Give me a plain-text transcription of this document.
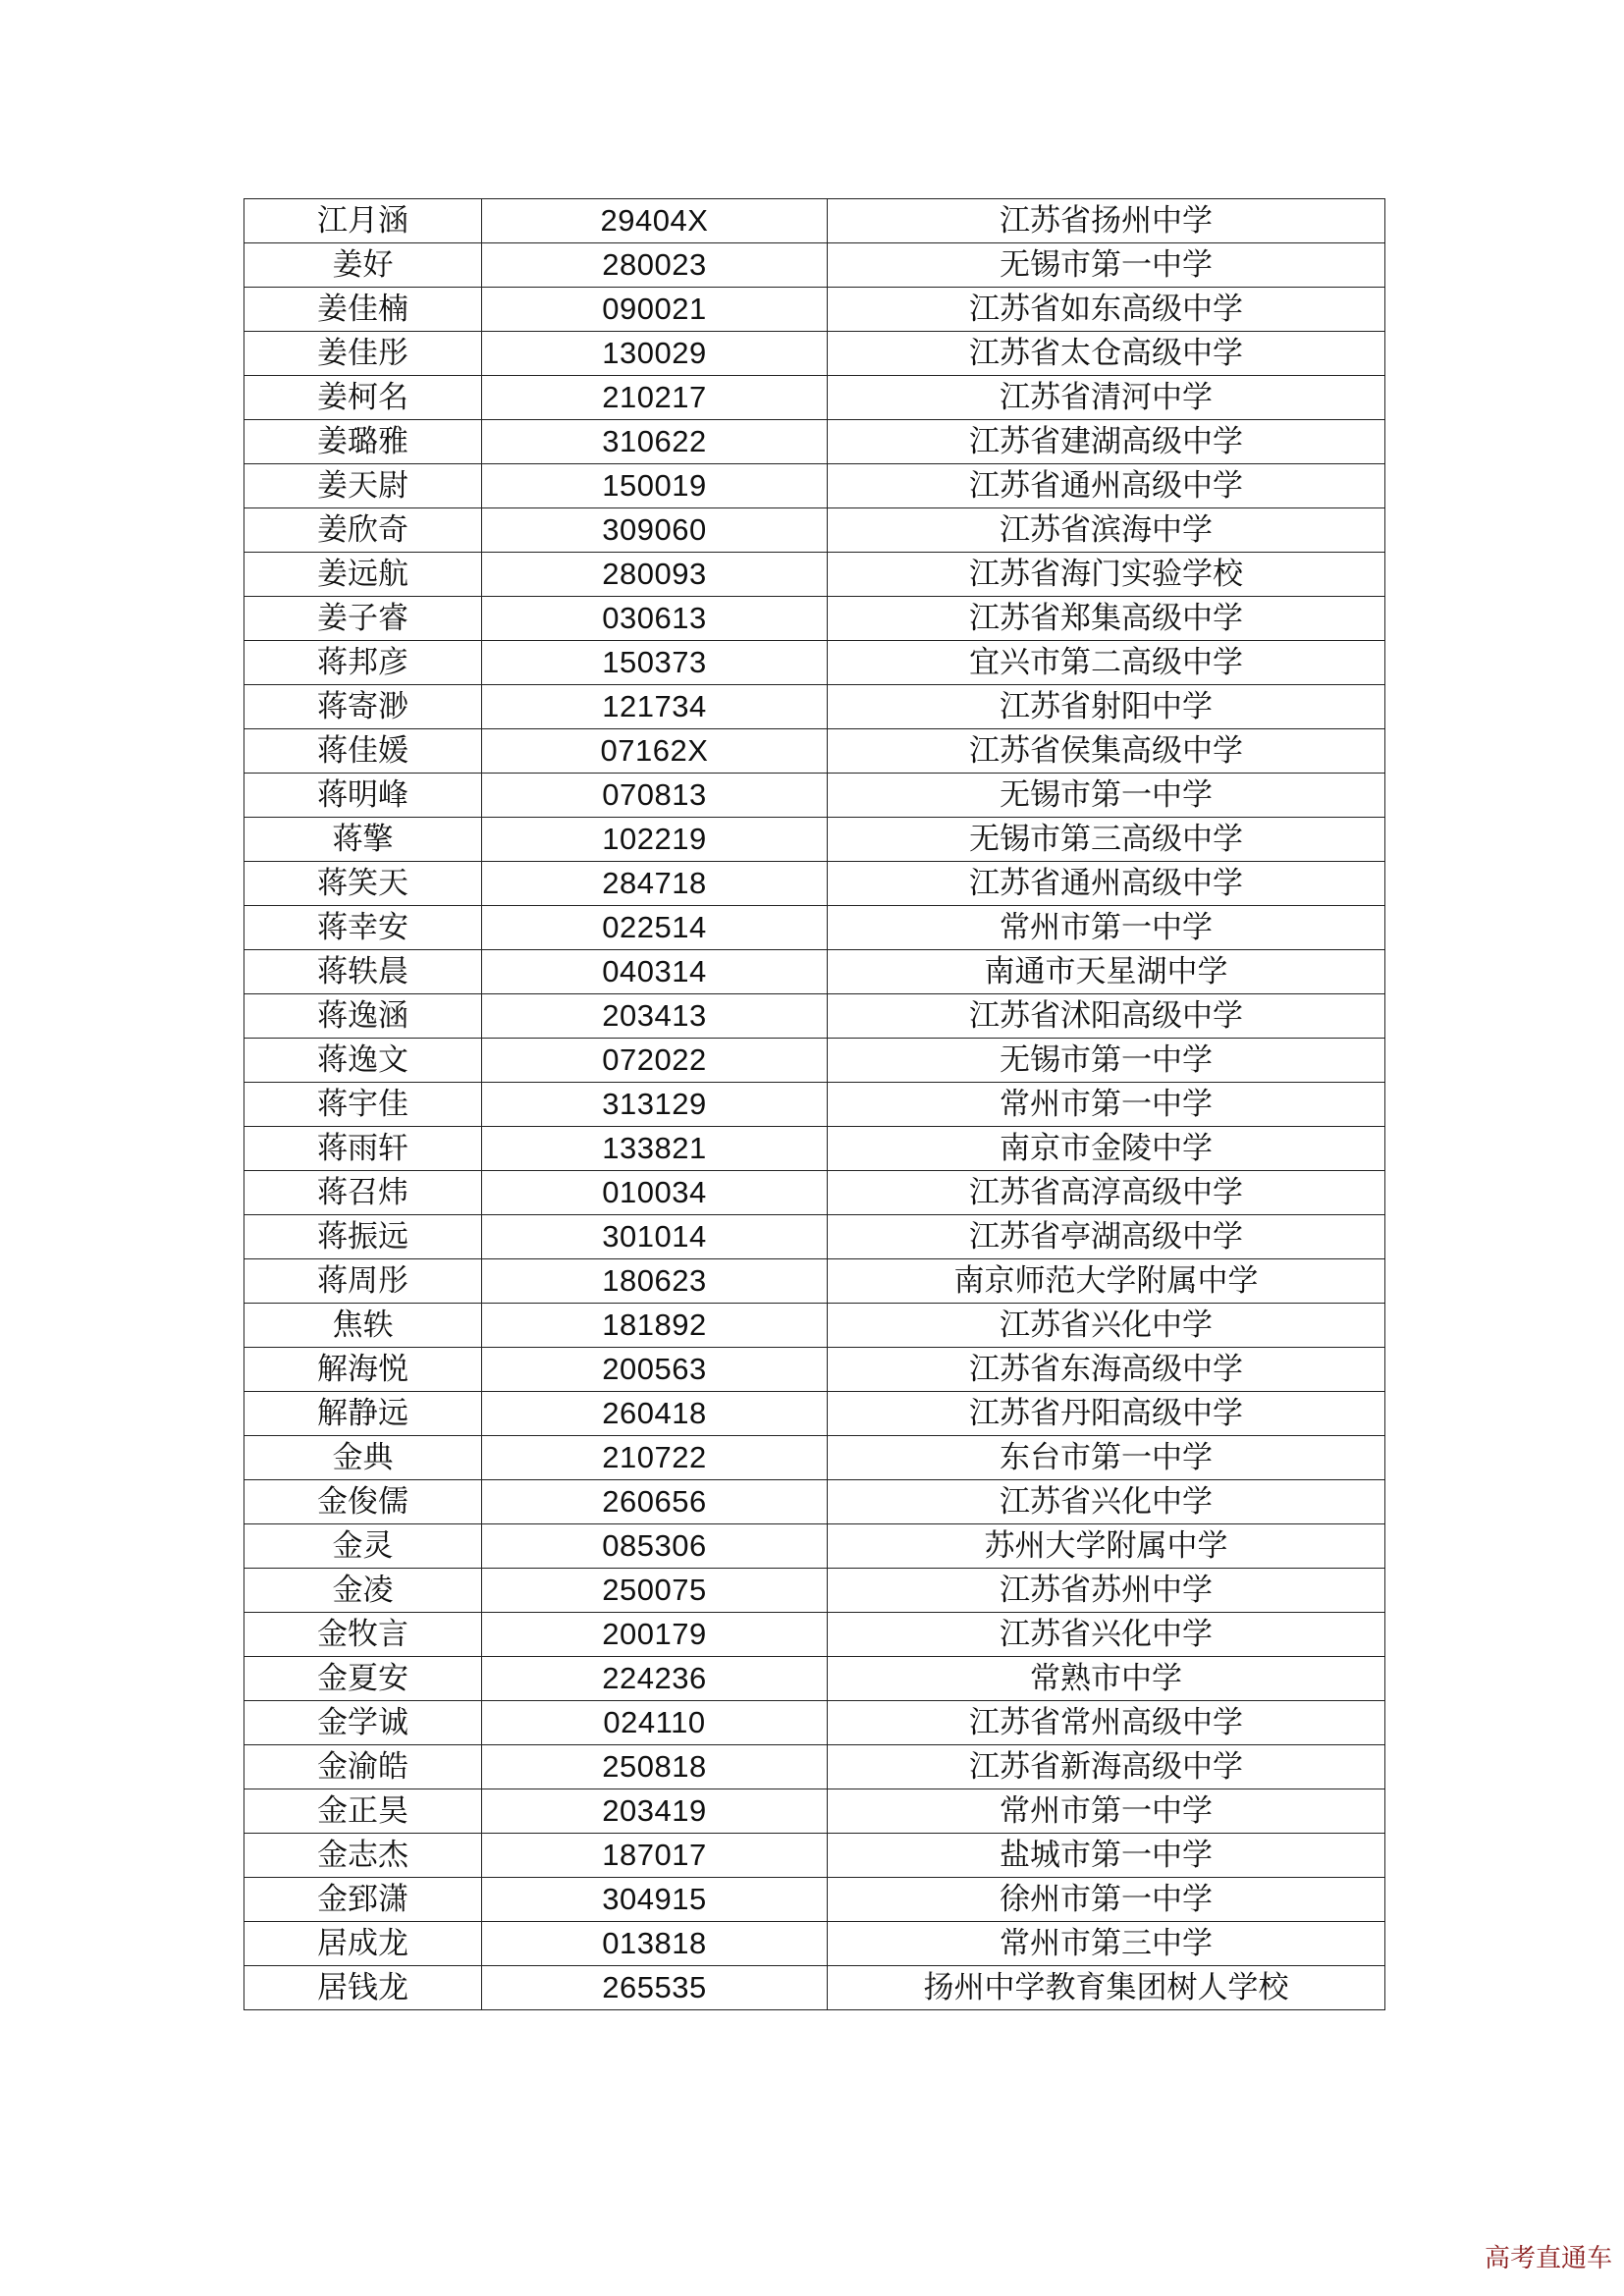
江月涵	29404X	江苏省扬州中学
姜好	280023	无锡市第一中学
姜佳楠	090021	江苏省如东高级中学
姜佳彤	130029	江苏省太仓高级中学
姜柯名	210217	江苏省清河中学
姜璐雅	310622	江苏省建湖高级中学
姜天尉	150019	江苏省通州高级中学
姜欣奇	309060	江苏省滨海中学
姜远航	280093	江苏省海门实验学校
姜子睿	030613	江苏省郑集高级中学
蒋邦彦	150373	宜兴市第二高级中学
蒋寄渺	121734	江苏省射阳中学
蒋佳媛	07162X	江苏省侯集高级中学
蒋明峰	070813	无锡市第一中学
蒋擎	102219	无锡市第三高级中学
蒋笑天	284718	江苏省通州高级中学
蒋幸安	022514	常州市第一中学
蒋轶晨	040314	南通市天星湖中学
蒋逸涵	203413	江苏省沭阳高级中学
蒋逸文	072022	无锡市第一中学
蒋宇佳	313129	常州市第一中学
蒋雨轩	133821	南京市金陵中学
蒋召炜	010034	江苏省高淳高级中学
蒋振远	301014	江苏省亭湖高级中学
蒋周彤	180623	南京师范大学附属中学
焦轶	181892	江苏省兴化中学
解海悦	200563	江苏省东海高级中学
解静远	260418	江苏省丹阳高级中学
金典	210722	东台市第一中学
金俊儒	260656	江苏省兴化中学
金灵	085306	苏州大学附属中学
金凌	250075	江苏省苏州中学
金牧言	200179	江苏省兴化中学
金夏安	224236	常熟市中学
金学诚	024110	江苏省常州高级中学
金渝皓	250818	江苏省新海高级中学
金正昊	203419	常州市第一中学
金志杰	187017	盐城市第一中学
金郅潇	304915	徐州市第一中学
居成龙	013818	常州市第三中学
居钱龙	265535	扬州中学教育集团树人学校
高考直通车
